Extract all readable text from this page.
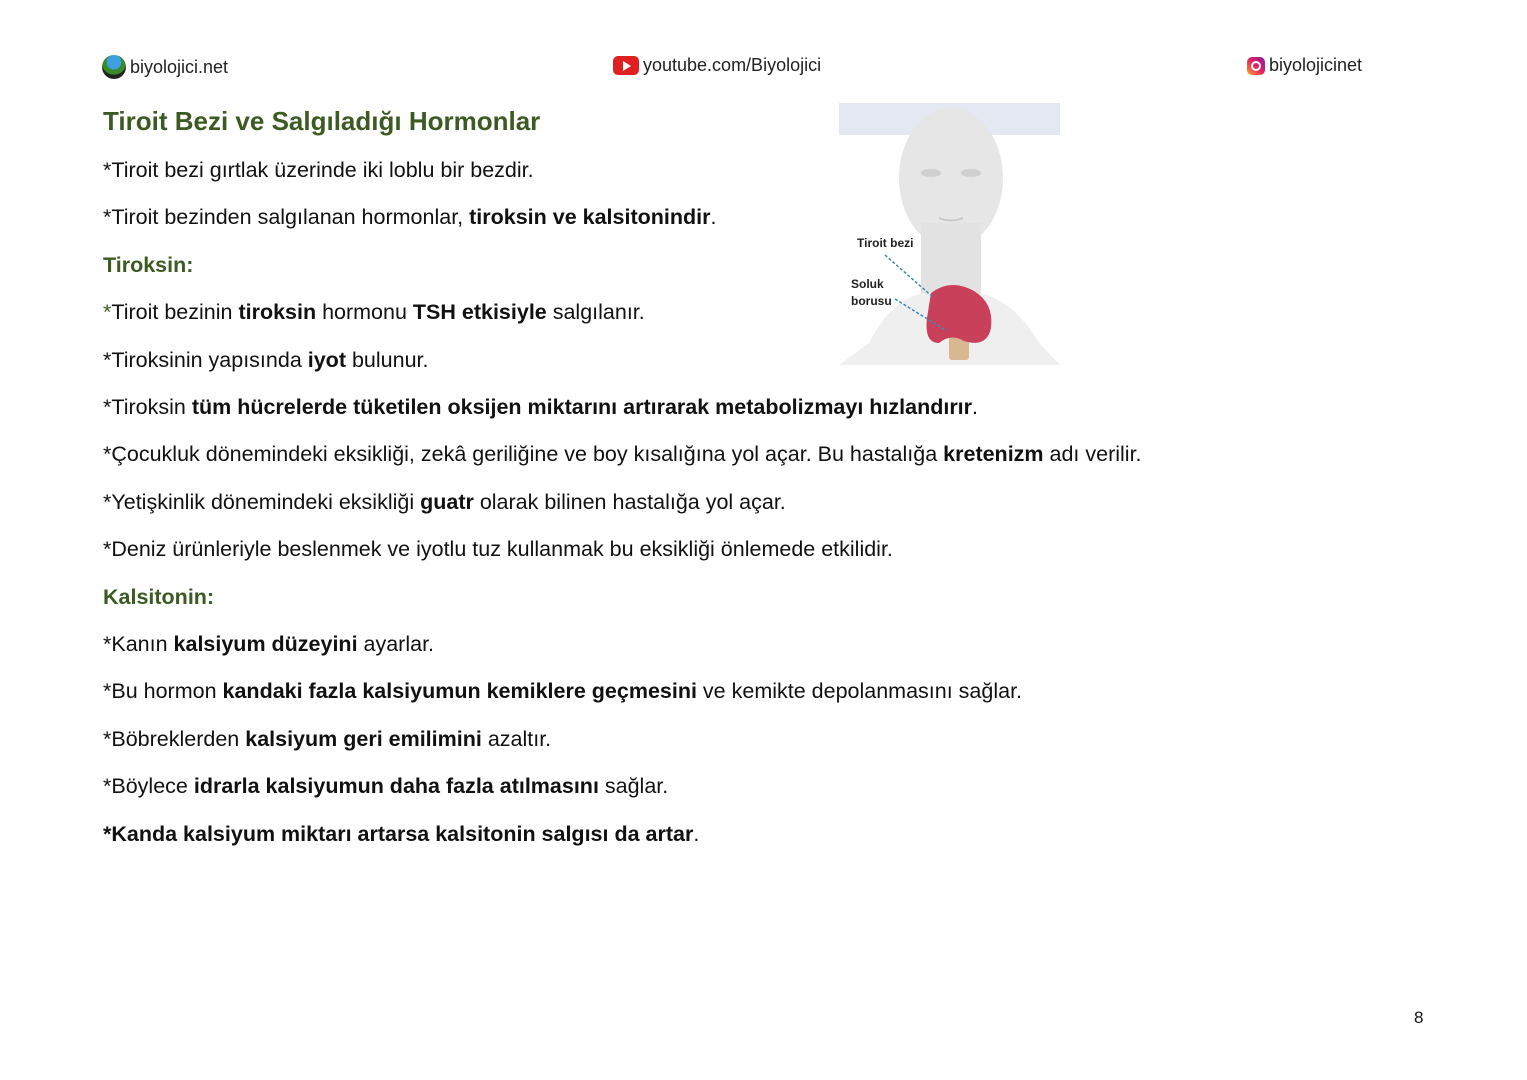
biyolojici.net	youtube.com/Biyolojici	biyolojicinet
Tiroit Bezi ve Salgıladığı Hormonlar
Tiroit bezi
Soluk
borusu
*Tiroit bezi gırtlak üzerinde iki loblu bir bezdir.
*Tiroit bezinden salgılanan hormonlar, tiroksin ve kalsitonindir.
Tiroksin:
*Tiroit bezinin tiroksin hormonu TSH etkisiyle salgılanır.
*Tiroksinin yapısında iyot bulunur.
*Tiroksin tüm hücrelerde tüketilen oksijen miktarını artırarak metabolizmayı hızlandırır.
*Çocukluk dönemindeki eksikliği, zekâ geriliğine ve boy kısalığına yol açar. Bu hastalığa kretenizm adı verilir.
*Yetişkinlik dönemindeki eksikliği guatr olarak bilinen hastalığa yol açar.
*Deniz ürünleriyle beslenmek ve iyotlu tuz kullanmak bu eksikliği önlemede etkilidir.
Kalsitonin:
*Kanın kalsiyum düzeyini ayarlar.
*Bu hormon kandaki fazla kalsiyumun kemiklere geçmesini ve kemikte depolanmasını sağlar.
*Böbreklerden kalsiyum geri emilimini azaltır.
*Böylece idrarla kalsiyumun daha fazla atılmasını sağlar.
*Kanda kalsiyum miktarı artarsa kalsitonin salgısı da artar.
8
